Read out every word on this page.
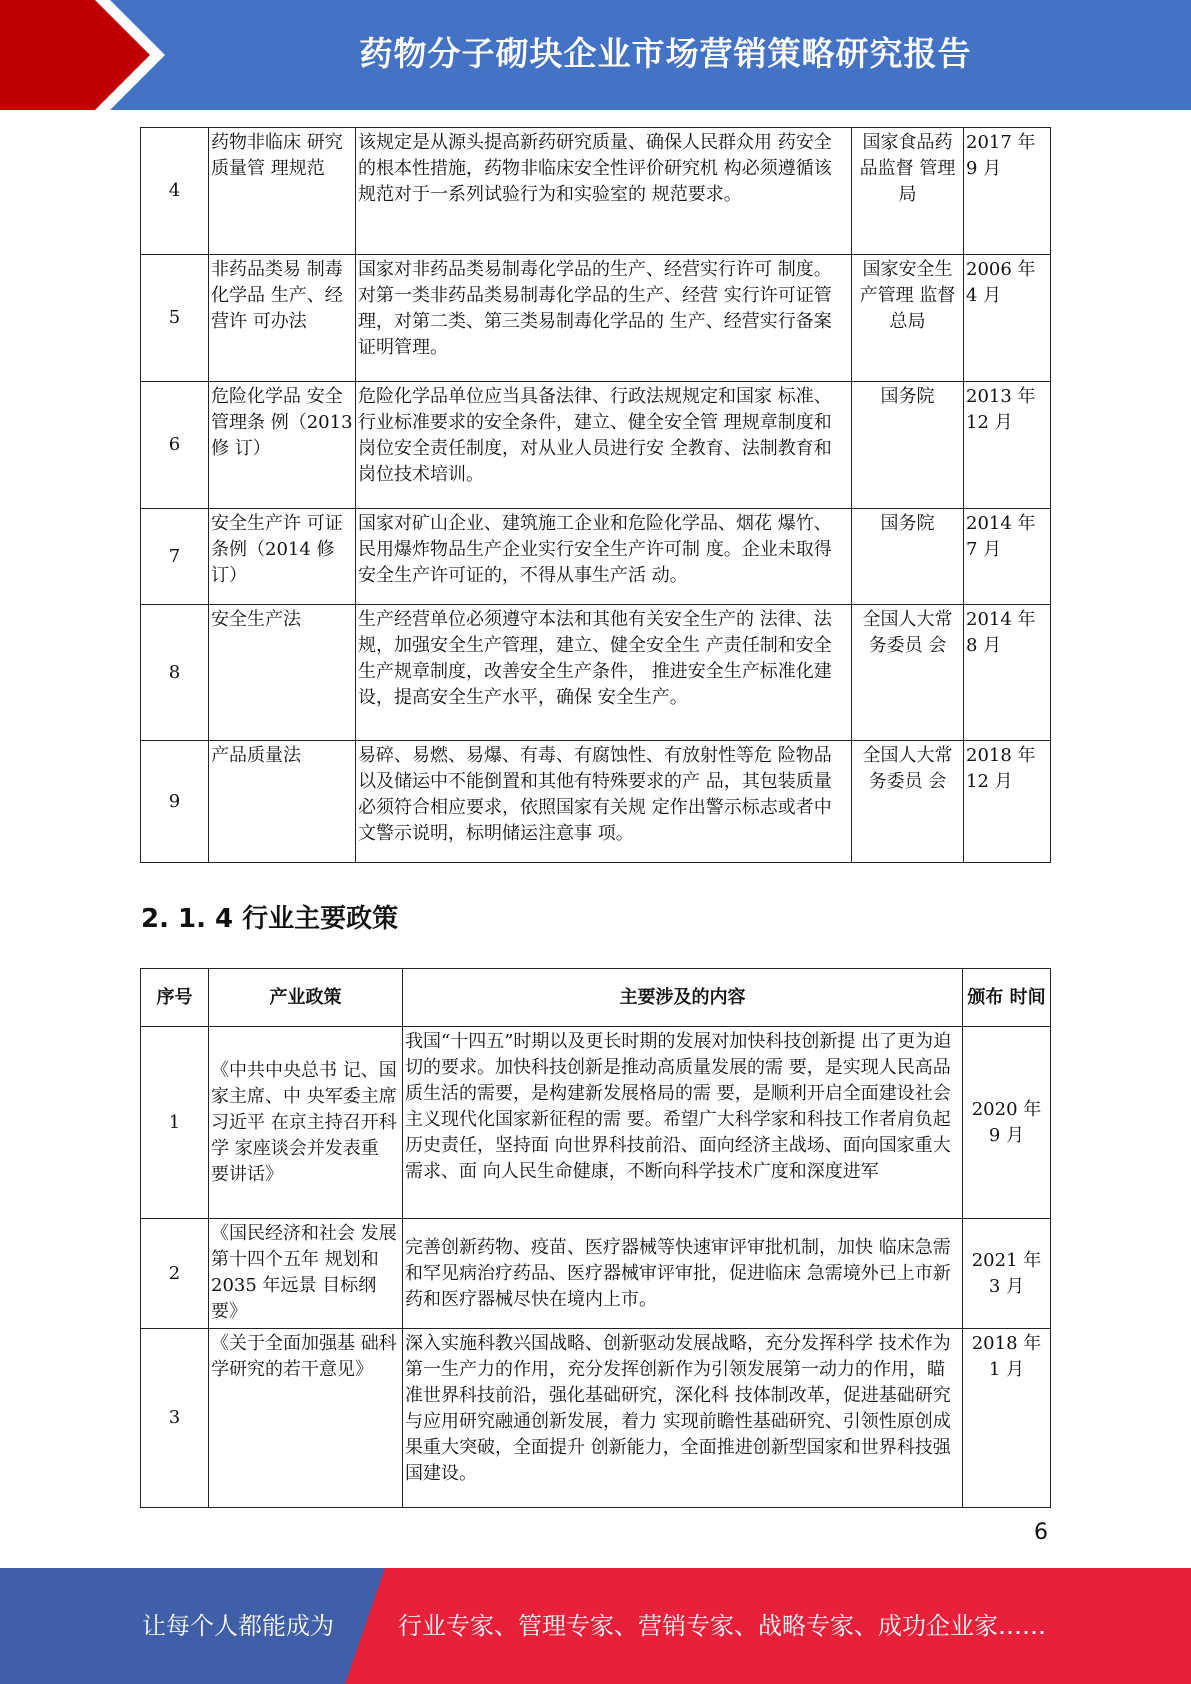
药物分子砌块企业市场营销策略研究报告
4	药物非临床 研究质量管 理规范	该规定是从源头提高新药研究质量、确保人民群众用 药安全的根本性措施，药物非临床安全性评价研究机 构必须遵循该规范对于一系列试验行为和实验室的 规范要求。	国家食品药品监督 管理局	2017 年 9 月
5	非药品类易 制毒化学品 生产、经营许 可办法	国家对非药品类易制毒化学品的生产、经营实行许可 制度。对第一类非药品类易制毒化学品的生产、经营 实行许可证管理，对第二类、第三类易制毒化学品的 生产、经营实行备案证明管理。	国家安全生产管理 监督总局	2006 年 4 月
6	危险化学品 安全管理条 例（2013 修 订）	危险化学品单位应当具备法律、行政法规规定和国家 标准、行业标准要求的安全条件，建立、健全安全管 理规章制度和岗位安全责任制度，对从业人员进行安 全教育、法制教育和岗位技术培训。	国务院	2013 年 12 月
7	安全生产许 可证条例（2014 修订）	国家对矿山企业、建筑施工企业和危险化学品、烟花 爆竹、民用爆炸物品生产企业实行安全生产许可制 度。企业未取得安全生产许可证的，不得从事生产活 动。	国务院	2014 年 7 月
8	安全生产法	生产经营单位必须遵守本法和其他有关安全生产的 法律、法规，加强安全生产管理，建立、健全安全生 产责任制和安全生产规章制度，改善安全生产条件， 推进安全生产标准化建设，提高安全生产水平，确保 安全生产。	全国人大常务委员 会	2014 年 8 月
9	产品质量法	易碎、易燃、易爆、有毒、有腐蚀性、有放射性等危 险物品以及储运中不能倒置和其他有特殊要求的产 品，其包装质量必须符合相应要求，依照国家有关规 定作出警示标志或者中文警示说明，标明储运注意事 项。	全国人大常务委员 会	2018 年 12 月
2. 1. 4 行业主要政策
序号	产业政策	主要涉及的内容	颁布 时间
1	《中共中央总书 记、国家主席、中 央军委主席习近平 在京主持召开科学 家座谈会并发表重 要讲话》	我国“十四五”时期以及更长时期的发展对加快科技创新提 出了更为迫切的要求。加快科技创新是推动高质量发展的需 要，是实现人民高品质生活的需要，是构建新发展格局的需 要，是顺利开启全面建设社会主义现代化国家新征程的需 要。希望广大科学家和科技工作者肩负起历史责任，坚持面 向世界科技前沿、面向经济主战场、面向国家重大需求、面 向人民生命健康，不断向科学技术广度和深度进军	2020 年 9 月
2	《国民经济和社会 发展第十四个五年 规划和 2035 年远景 目标纲要》	完善创新药物、疫苗、医疗器械等快速审评审批机制，加快 临床急需和罕见病治疗药品、医疗器械审评审批，促进临床 急需境外已上市新药和医疗器械尽快在境内上市。	2021 年 3 月
3	《关于全面加强基 础科学研究的若干意见》	深入实施科教兴国战略、创新驱动发展战略，充分发挥科学 技术作为第一生产力的作用，充分发挥创新作为引领发展第一动力的作用，瞄准世界科技前沿，强化基础研究，深化科 技体制改革，促进基础研究与应用研究融通创新发展，着力 实现前瞻性基础研究、引领性原创成果重大突破，全面提升 创新能力，全面推进创新型国家和世界科技强国建设。	2018 年 1 月
6
让每个人都能成为	行业专家、管理专家、营销专家、战略专家、成功企业家……
